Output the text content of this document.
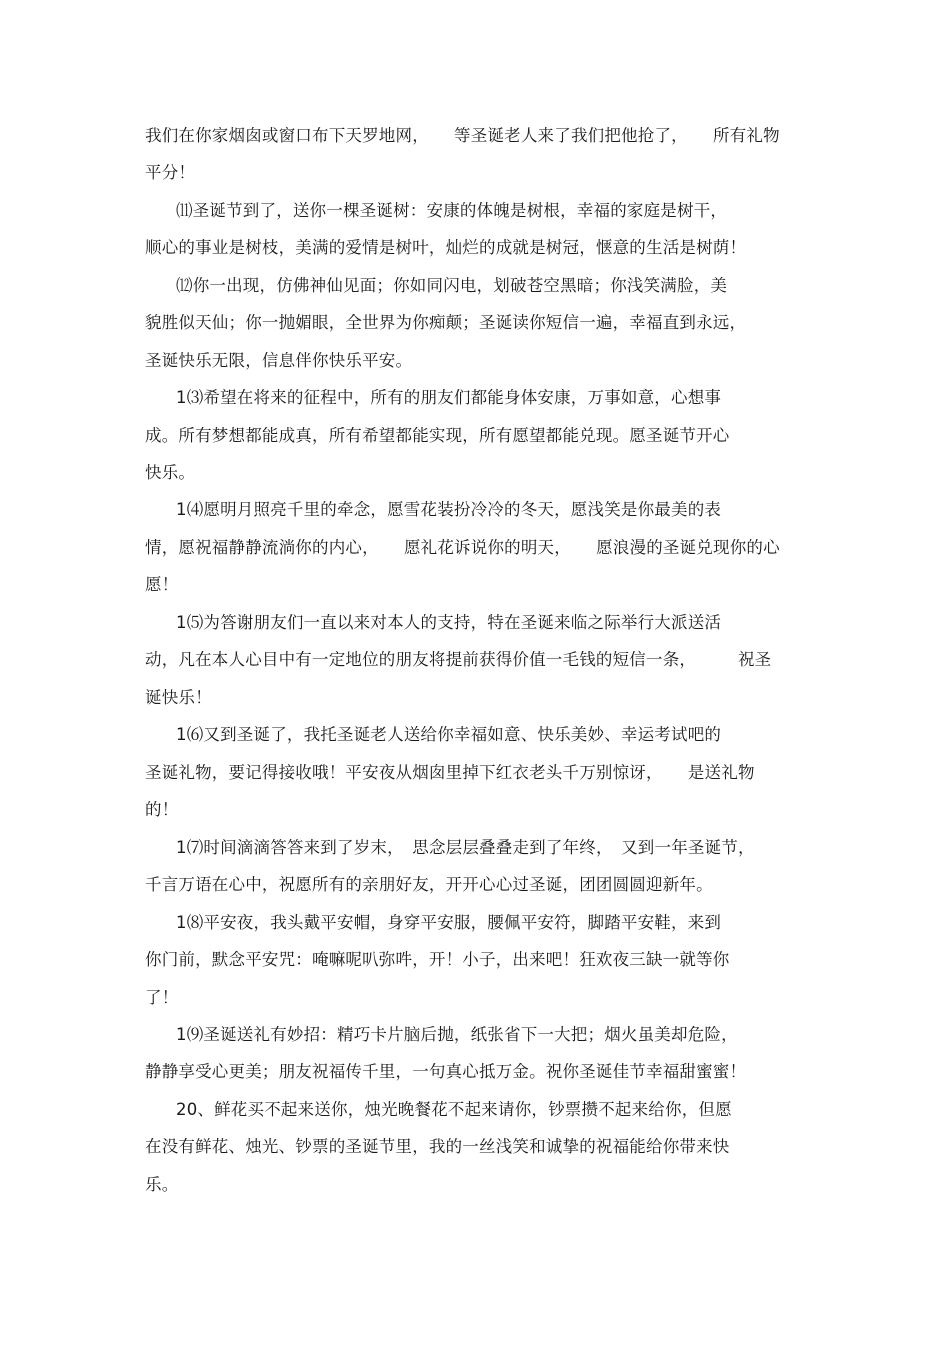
我们在你家烟囱或窗口布下天罗地网，　　等圣诞老人来了我们把他抢了，　　所有礼物
平分！
⑾圣诞节到了，送你一棵圣诞树：安康的体魄是树根，幸福的家庭是树干，
顺心的事业是树枝，美满的爱情是树叶，灿烂的成就是树冠，惬意的生活是树荫！
⑿你一出现，仿佛神仙见面；你如同闪电，划破苍空黑暗；你浅笑满脸，美
貌胜似天仙；你一抛媚眼，全世界为你痴颠；圣诞读你短信一遍，幸福直到永远，
圣诞快乐无限，信息伴你快乐平安。
1⑶希望在将来的征程中，所有的朋友们都能身体安康，万事如意，心想事
成。所有梦想都能成真，所有希望都能实现，所有愿望都能兑现。愿圣诞节开心
快乐。
1⑷愿明月照亮千里的牵念，愿雪花装扮冷冷的冬天，愿浅笑是你最美的表
情，愿祝福静静流淌你的内心，　　愿礼花诉说你的明天，　　愿浪漫的圣诞兑现你的心
愿！
1⑸为答谢朋友们一直以来对本人的支持，特在圣诞来临之际举行大派送活
动，凡在本人心目中有一定地位的朋友将提前获得价值一毛钱的短信一条，　　　祝圣
诞快乐！
1⑹又到圣诞了，我托圣诞老人送给你幸福如意、快乐美妙、幸运考试吧的
圣诞礼物，要记得接收哦！平安夜从烟囱里掉下红衣老头千万别惊讶，　　是送礼物
的！
1⑺时间滴滴答答来到了岁末，　思念层层叠叠走到了年终，　又到一年圣诞节，
千言万语在心中，祝愿所有的亲朋好友，开开心心过圣诞，团团圆圆迎新年。
1⑻平安夜，我头戴平安帽，身穿平安服，腰佩平安符，脚踏平安鞋，来到
你门前，默念平安咒：唵嘛呢叭弥吽，开！小子，出来吧！狂欢夜三缺一就等你
了！
1⑼圣诞送礼有妙招：精巧卡片脑后抛，纸张省下一大把；烟火虽美却危险，
静静享受心更美；朋友祝福传千里，一句真心抵万金。祝你圣诞佳节幸福甜蜜蜜！
20、鲜花买不起来送你，烛光晚餐花不起来请你，钞票攒不起来给你，但愿
在没有鲜花、烛光、钞票的圣诞节里，我的一丝浅笑和诚挚的祝福能给你带来快
乐。
